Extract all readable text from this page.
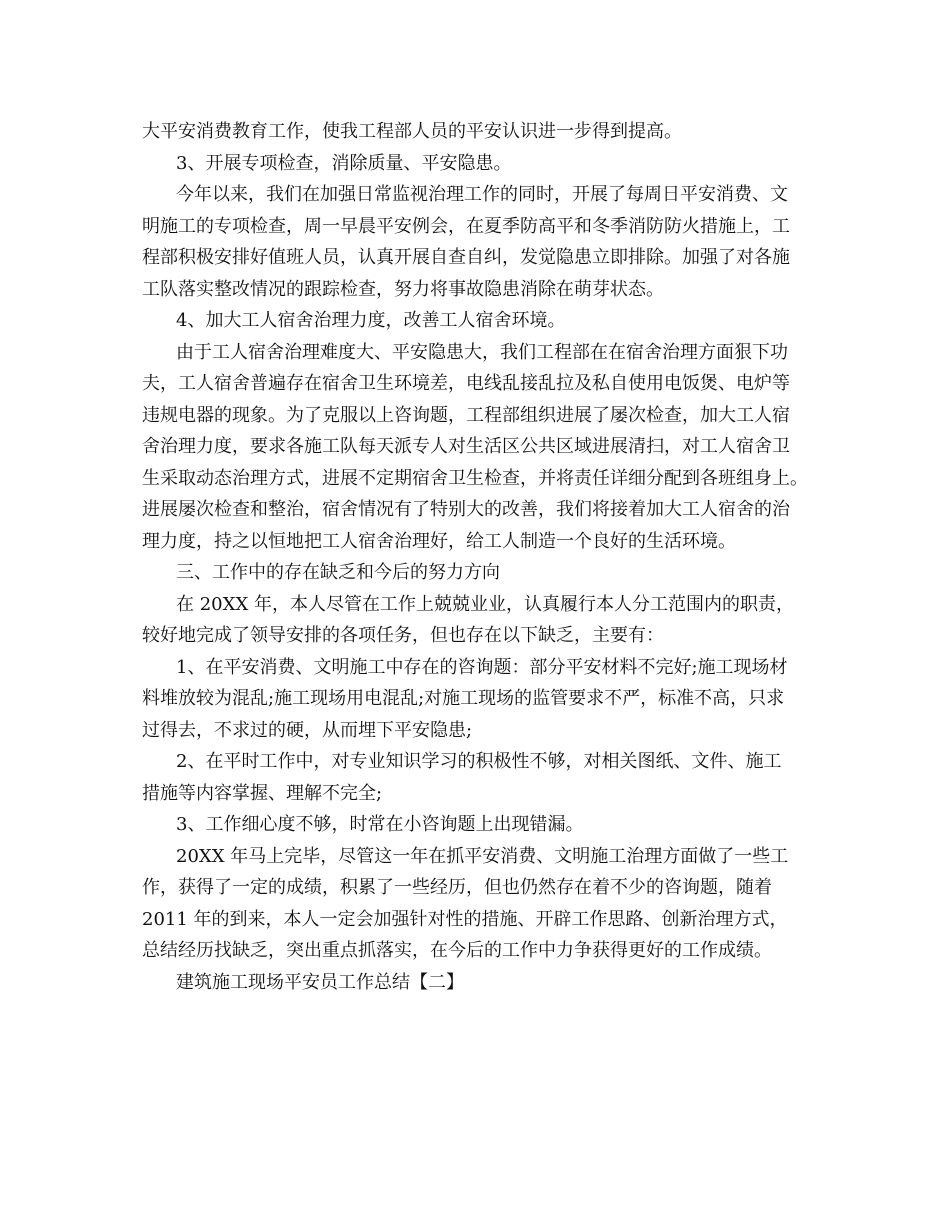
大平安消费教育工作，使我工程部人员的平安认识进一步得到提高。
3、开展专项检查，消除质量、平安隐患。
今年以来，我们在加强日常监视治理工作的同时，开展了每周日平安消费、文
明施工的专项检查，周一早晨平安例会，在夏季防高平和冬季消防防火措施上，工
程部积极安排好值班人员，认真开展自查自纠，发觉隐患立即排除。加强了对各施
工队落实整改情况的跟踪检查，努力将事故隐患消除在萌芽状态。
4、加大工人宿舍治理力度，改善工人宿舍环境。
由于工人宿舍治理难度大、平安隐患大，我们工程部在在宿舍治理方面狠下功
夫，工人宿舍普遍存在宿舍卫生环境差，电线乱接乱拉及私自使用电饭煲、电炉等
违规电器的现象。为了克服以上咨询题，工程部组织进展了屡次检查，加大工人宿
舍治理力度，要求各施工队每天派专人对生活区公共区域进展清扫，对工人宿舍卫
生采取动态治理方式，进展不定期宿舍卫生检查，并将责任详细分配到各班组身上。
进展屡次检查和整治，宿舍情况有了特别大的改善，我们将接着加大工人宿舍的治
理力度，持之以恒地把工人宿舍治理好，给工人制造一个良好的生活环境。
三、工作中的存在缺乏和今后的努力方向
在 20XX 年，本人尽管在工作上兢兢业业，认真履行本人分工范围内的职责，
较好地完成了领导安排的各项任务，但也存在以下缺乏，主要有：
1、在平安消费、文明施工中存在的咨询题：部分平安材料不完好;施工现场材
料堆放较为混乱;施工现场用电混乱;对施工现场的监管要求不严，标准不高，只求
过得去，不求过的硬，从而埋下平安隐患;
2、在平时工作中，对专业知识学习的积极性不够，对相关图纸、文件、施工
措施等内容掌握、理解不完全;
3、工作细心度不够，时常在小咨询题上出现错漏。
20XX 年马上完毕，尽管这一年在抓平安消费、文明施工治理方面做了一些工
作，获得了一定的成绩，积累了一些经历，但也仍然存在着不少的咨询题，随着
2011 年的到来，本人一定会加强针对性的措施、开辟工作思路、创新治理方式，
总结经历找缺乏，突出重点抓落实，在今后的工作中力争获得更好的工作成绩。
建筑施工现场平安员工作总结【二】
